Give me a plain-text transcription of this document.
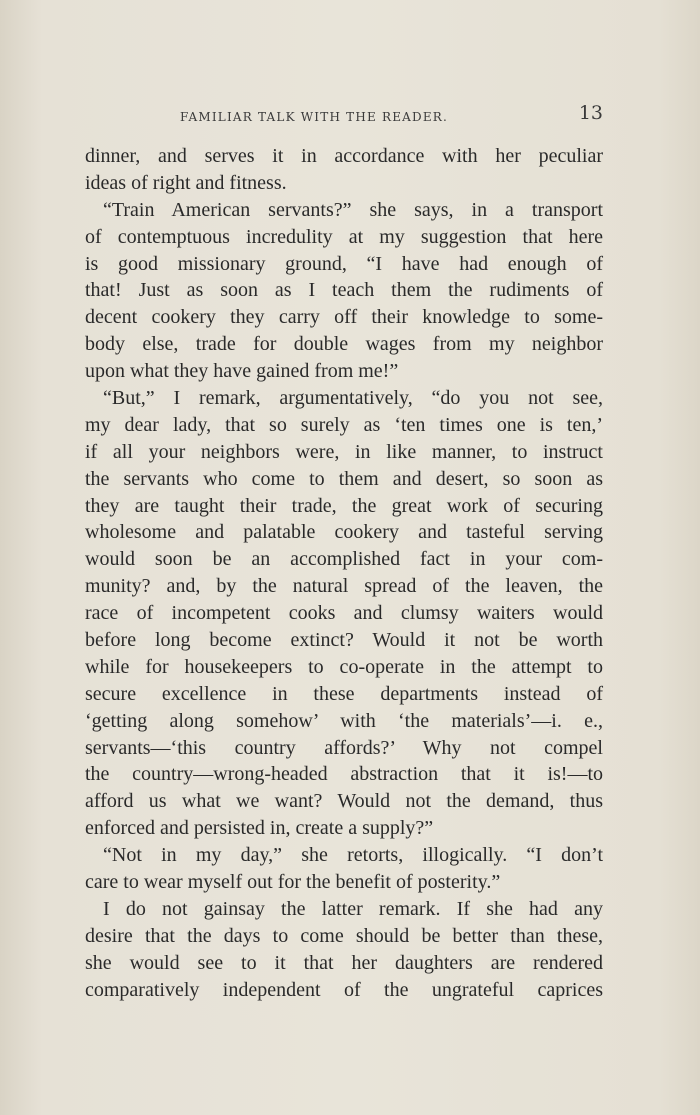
FAMILIAR TALK WITH THE READER.	13
dinner, and serves it in accordance with her peculiar
ideas of right and fitness.
“Train American servants?” she says, in a transport
of contemptuous incredulity at my suggestion that here
is good missionary ground, “I have had enough of
that! Just as soon as I teach them the rudiments of
decent cookery they carry off their knowledge to some-
body else, trade for double wages from my neighbor
upon what they have gained from me!”
“But,” I remark, argumentatively, “do you not see,
my dear lady, that so surely as ‘ten times one is ten,’
if all your neighbors were, in like manner, to instruct
the servants who come to them and desert, so soon as
they are taught their trade, the great work of securing
wholesome and palatable cookery and tasteful serving
would soon be an accomplished fact in your com-
munity? and, by the natural spread of the leaven, the
race of incompetent cooks and clumsy waiters would
before long become extinct? Would it not be worth
while for housekeepers to co-operate in the attempt to
secure excellence in these departments instead of
‘getting along somehow’ with ‘the materials’—i. e.,
servants—‘this country affords?’ Why not compel
the country—wrong-headed abstraction that it is!—to
afford us what we want? Would not the demand, thus
enforced and persisted in, create a supply?”
“Not in my day,” she retorts, illogically. “I don’t
care to wear myself out for the benefit of posterity.”
I do not gainsay the latter remark. If she had any
desire that the days to come should be better than these,
she would see to it that her daughters are rendered
comparatively independent of the ungrateful caprices
